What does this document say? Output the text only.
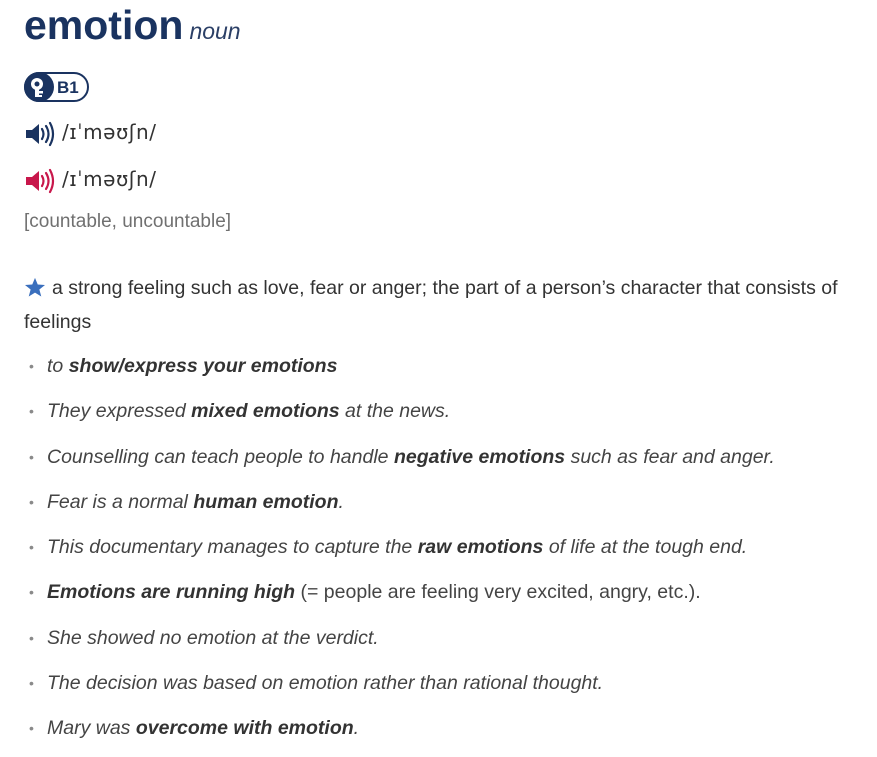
emotion noun
B1
/ɪˈməʊʃn/
/ɪˈməʊʃn/
[countable, uncountable]
a strong feeling such as love, fear or anger; the part of a person’s character that consists of feelings
• to show/express your emotions
• They expressed mixed emotions at the news.
• Counselling can teach people to handle negative emotions such as fear and anger.
• Fear is a normal human emotion.
• This documentary manages to capture the raw emotions of life at the tough end.
• Emotions are running high (= people are feeling very excited, angry, etc.).
• She showed no emotion at the verdict.
• The decision was based on emotion rather than rational thought.
• Mary was overcome with emotion.
